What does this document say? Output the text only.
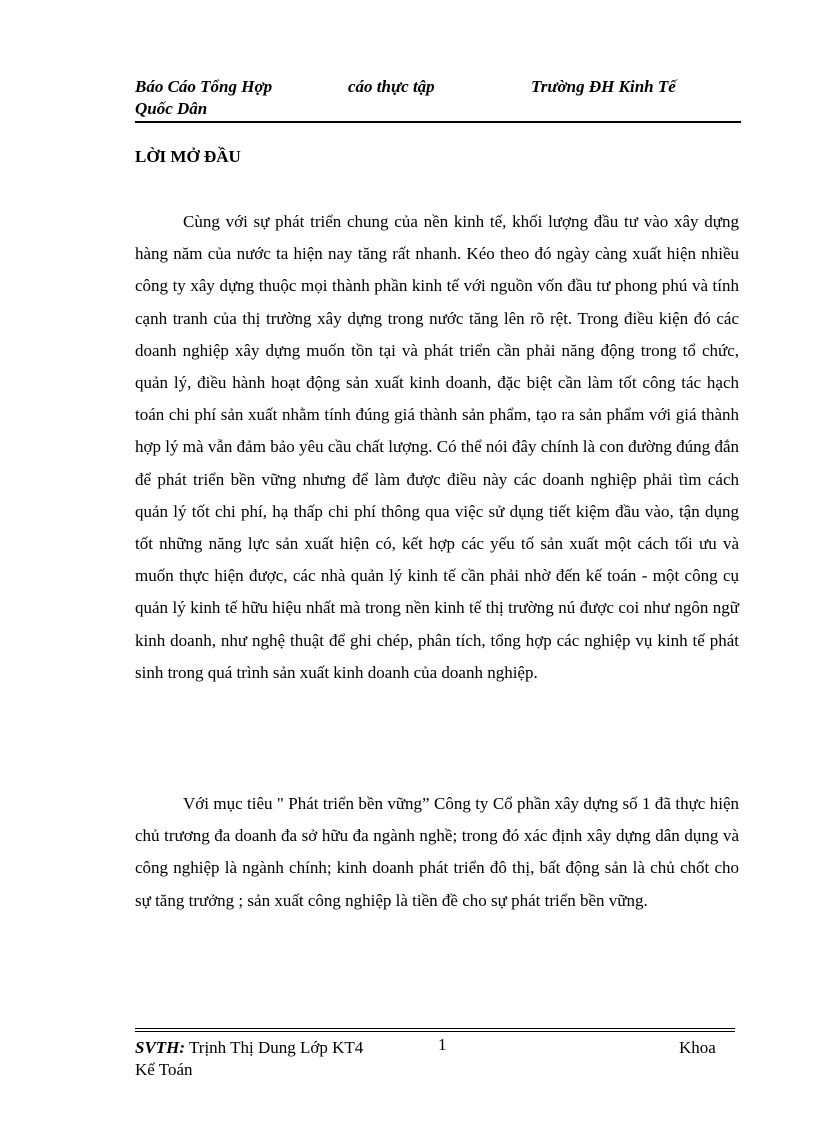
Báo Cáo Tổng Hợp	cáo thực tập	Trường ĐH Kinh Tế
Quốc Dân
LỜI MỞ ĐẦU

Cùng với sự phát triển chung của nền kinh tế, khối lượng đầu tư vào xây dựng hàng năm của nước ta hiện nay tăng rất nhanh. Kéo theo đó ngày càng xuất hiện nhiều công ty xây dựng thuộc mọi thành phần kinh tế với nguồn vốn đầu tư phong phú và tính cạnh tranh của thị trường xây dựng trong nước tăng lên rõ rệt. Trong điều kiện đó các doanh nghiệp xây dựng muốn tồn tại và phát triển cần phải năng động trong tổ chức, quản lý, điều hành hoạt động sản xuất kinh doanh, đặc biệt cần làm tốt công tác hạch toán chi phí sản xuất nhằm tính đúng giá thành sản phẩm, tạo ra sản phẩm với giá thành hợp lý mà vẫn đảm bảo yêu cầu chất lượng. Có thể nói đây chính là con đường đúng đắn để phát triển bền vững nhưng để làm được điều này các doanh nghiệp phải tìm cách quản lý tốt chi phí, hạ thấp chi phí thông qua việc sử dụng tiết kiệm đầu vào, tận dụng tốt những năng lực sản xuất hiện có, kết hợp các yếu tố sản xuất một cách tối ưu và muốn thực hiện được, các nhà quản lý kinh tế cần phải nhờ đến kế toán - một công cụ quản lý kinh tế hữu hiệu nhất mà trong nền kinh tế thị trường nú được coi như ngôn ngữ kinh doanh, như nghệ thuật để ghi chép, phân tích, tổng hợp các nghiệp vụ kinh tế phát sinh trong quá trình sản xuất kinh doanh của doanh nghiệp.

Với mục tiêu " Phát triển bền vững” Công ty Cổ phần xây dựng số 1 đã thực hiện chủ trương đa doanh đa sở hữu đa ngành nghề; trong đó xác định xây dựng dân dụng và công nghiệp là ngành chính; kinh doanh phát triển đô thị, bất động sản là chủ chốt cho sự tăng trưởng ; sản xuất công nghiệp là tiền đề cho sự phát triển bền vững.

SVTH: Trịnh Thị Dung Lớp KT4	1	Khoa
Kế Toán
